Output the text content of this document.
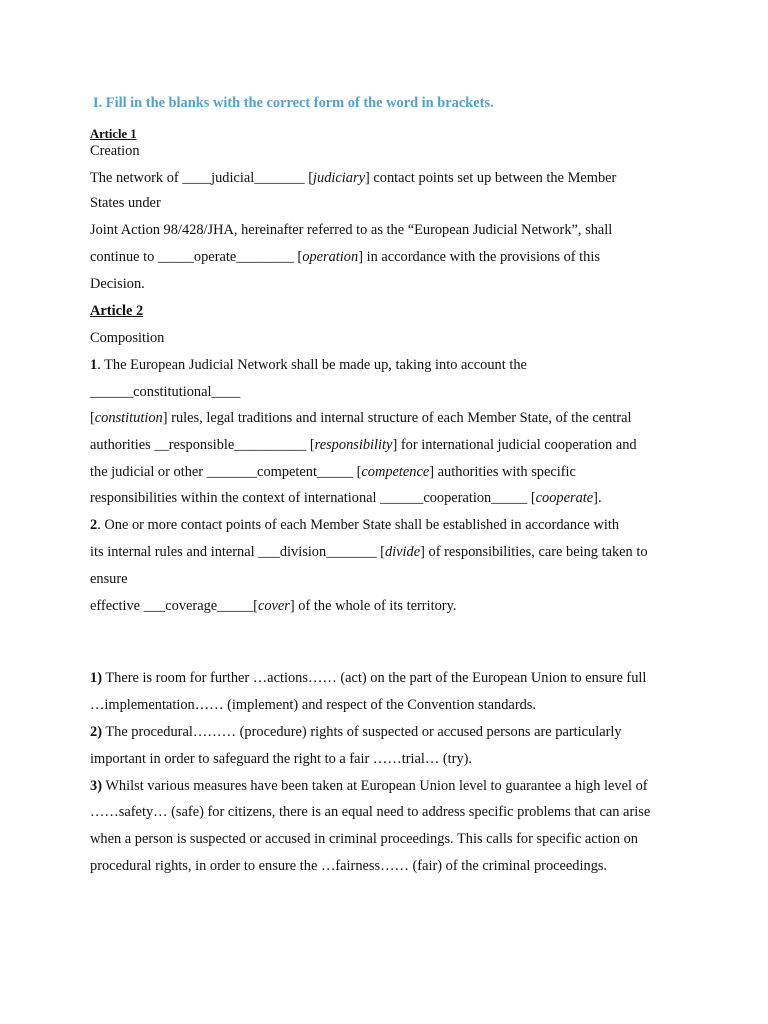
I. Fill in the blanks with the correct form of the word in brackets.
Article 1
Creation
The network of ____judicial_______ [judiciary] contact points set up between the Member
States under
Joint Action 98/428/JHA, hereinafter referred to as the “European Judicial Network”, shall
continue to _____operate________ [operation] in accordance with the provisions of this
Decision.
Article 2
Composition
1. The European Judicial Network shall be made up, taking into account the
______constitutional____
[constitution] rules, legal traditions and internal structure of each Member State, of the central
authorities __responsible__________ [responsibility] for international judicial cooperation and
the judicial or other _______competent_____ [competence] authorities with specific
responsibilities within the context of international ______cooperation_____ [cooperate].
2. One or more contact points of each Member State shall be established in accordance with
its internal rules and internal ___division_______ [divide] of responsibilities, care being taken to
ensure
effective ___coverage_____[cover] of the whole of its territory.
1) There is room for further …actions…… (act) on the part of the European Union to ensure full
…implementation…… (implement) and respect of the Convention standards.
2) The procedural……… (procedure) rights of suspected or accused persons are particularly
important in order to safeguard the right to a fair ……trial… (try).
3) Whilst various measures have been taken at European Union level to guarantee a high level of
……safety… (safe) for citizens, there is an equal need to address specific problems that can arise
when a person is suspected or accused in criminal proceedings. This calls for specific action on
procedural rights, in order to ensure the …fairness…… (fair) of the criminal proceedings.
